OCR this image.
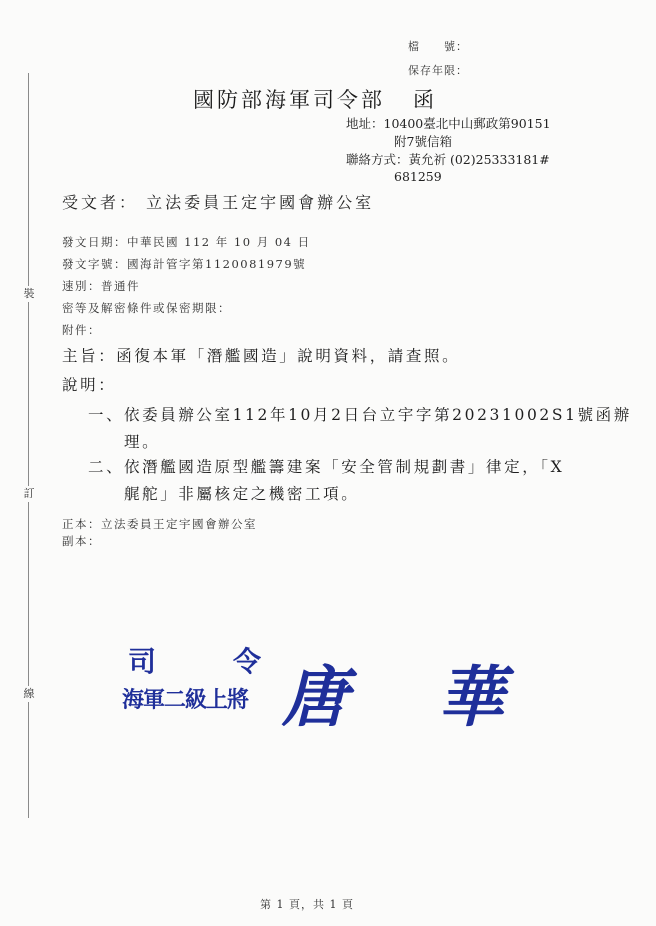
裝
訂
線
檔　　號：
保存年限：
國防部海軍司令部 函
地址：10400臺北中山郵政第90151
附7號信箱
聯絡方式：黃允祈 (02)25333181#
681259
受文者： 立法委員王定宇國會辦公室
發文日期：中華民國 112 年 10 月 04 日
發文字號：國海計管字第1120081979號
速別：普通件
密等及解密條件或保密期限：
附件：
主旨：函復本軍「潛艦國造」說明資料，請查照。
說明：
一、 依委員辦公室112年10月2日台立宇字第20231002S1號函辦
理。
二、 依潛艦國造原型艦籌建案「安全管制規劃書」律定，「X
艉舵」非屬核定之機密工項。
正本：立法委員王定宇國會辦公室
副本：
司	令
海軍二級上將 唐 華
第 1 頁，共 1 頁
